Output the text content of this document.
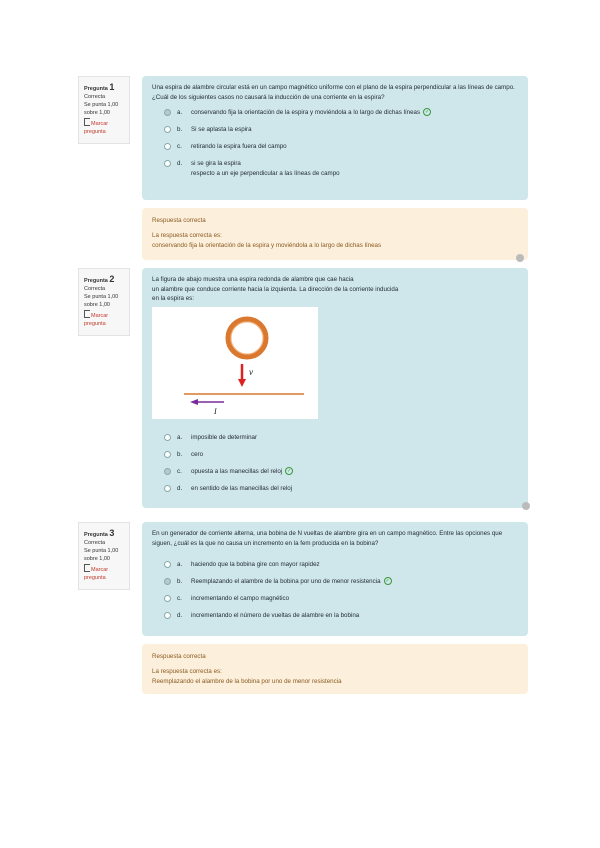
Pregunta 1
Correcta
Se punta 1,00 sobre 1,00
Marcar pregunta
Una espira de alambre circular está en un campo magnético uniforme con el plano de la espira perpendicular a las líneas de campo. ¿Cuál de los siguientes casos no causará la inducción de una corriente en la espira?
a.	conservando fija la orientación de la espira y moviéndola a lo largo de dichas líneas ✓
b.	Si se aplasta la espira
c.	retirando la espira fuera del campo
d.	si se gira la espira
respecto a un eje perpendicular a las líneas de campo
Respuesta correcta
La respuesta correcta es:
conservando fija la orientación de la espira y moviéndola a lo largo de dichas líneas
Pregunta 2
Correcta
Se punta 1,00 sobre 1,00
Marcar pregunta
La figura de abajo muestra una espira redonda de alambre que cae hacia
un alambre que conduce corriente hacia la izquierda. La dirección de la corriente inducida
en la espira es:
v⃗
I
a.	imposible de determinar
b.	cero
c.	opuesta a las manecillas del reloj ✓
d.	en sentido de las manecillas del reloj
Pregunta 3
Correcta
Se punta 1,00 sobre 1,00
Marcar pregunta
En un generador de corriente alterna, una bobina de N vueltas de alambre gira en un campo magnético. Entre las opciones que siguen, ¿cuál es la que no causa un incremento en la fem producida en la bobina?
a.	haciendo que la bobina gire con mayor rapidez
b.	Reemplazando el alambre de la bobina por uno de menor resistencia ✓
c.	incrementando el campo magnético
d.	incrementando el número de vueltas de alambre en la bobina
Respuesta correcta
La respuesta correcta es:
Reemplazando el alambre de la bobina por uno de menor resistencia
